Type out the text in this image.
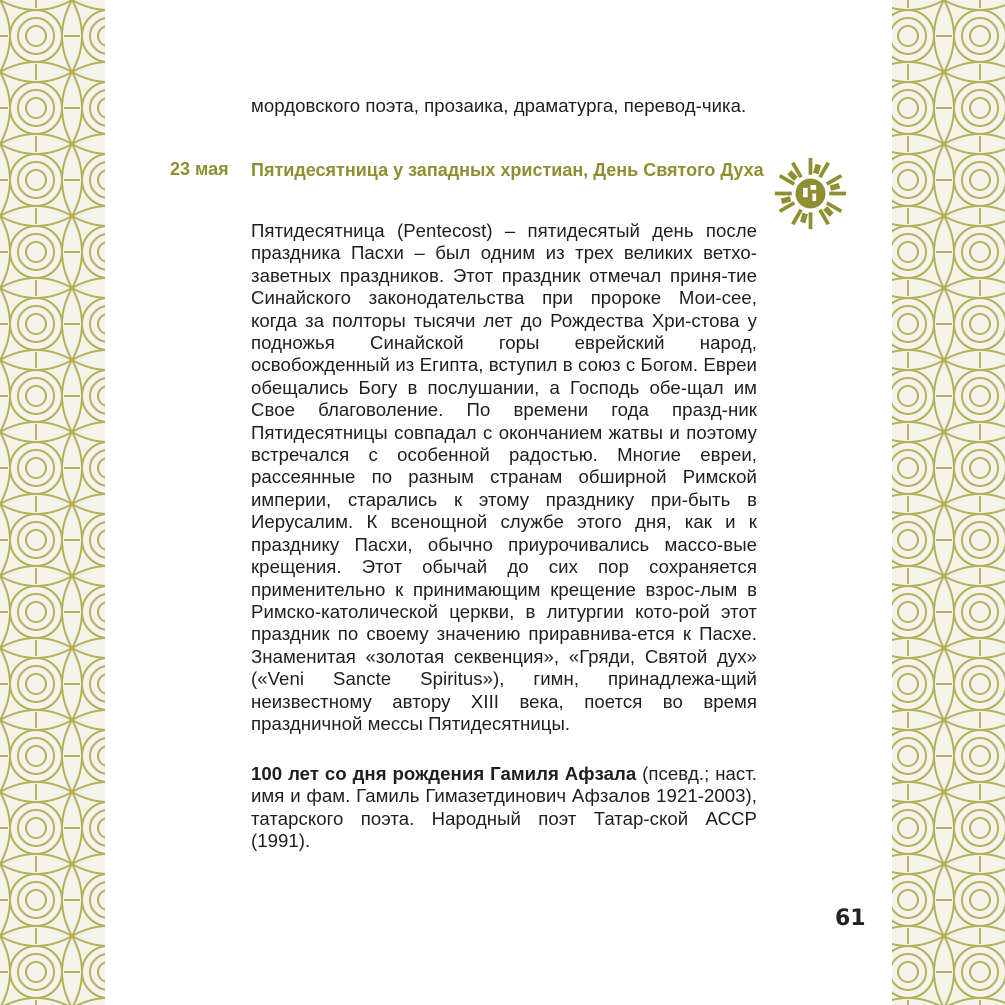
мордовского поэта, прозаика, драматурга, перевод-чика.

23 мая Пятидесятница у западных христиан, День Святого Духа

Пятидесятница (Pentecost) – пятидесятый день после праздника Пасхи – был одним из трех великих ветхо-заветных праздников. Этот праздник отмечал приня-тие Синайского законодательства при пророке Мои-сее, когда за полторы тысячи лет до Рождества Хри-стова у подножья Синайской горы еврейский народ, освобожденный из Египта, вступил в союз с Богом. Евреи обещались Богу в послушании, а Господь обе-щал им Свое благоволение. По времени года празд-ник Пятидесятницы совпадал с окончанием жатвы и поэтому встречался с особенной радостью. Многие евреи, рассеянные по разным странам обширной Римской империи, старались к этому празднику при-быть в Иерусалим. К всенощной службе этого дня, как и к празднику Пасхи, обычно приурочивались массо-вые крещения. Этот обычай до сих пор сохраняется применительно к принимающим крещение взрос-лым в Римско-католической церкви, в литургии кото-рой этот праздник по своему значению приравнива-ется к Пасхе. Знаменитая «золотая секвенция», «Гряди, Святой дух» («Veni Sancte Spiritus»), гимн, принадлежа-щий неизвестному автору XIII века, поется во время праздничной мессы Пятидесятницы.

100 лет со дня рождения Гамиля Афзала (псевд.; наст. имя и фам. Гамиль Гимазетдинович Афзалов 1921-2003), татарского поэта. Народный поэт Татар-ской АССР (1991).

61
